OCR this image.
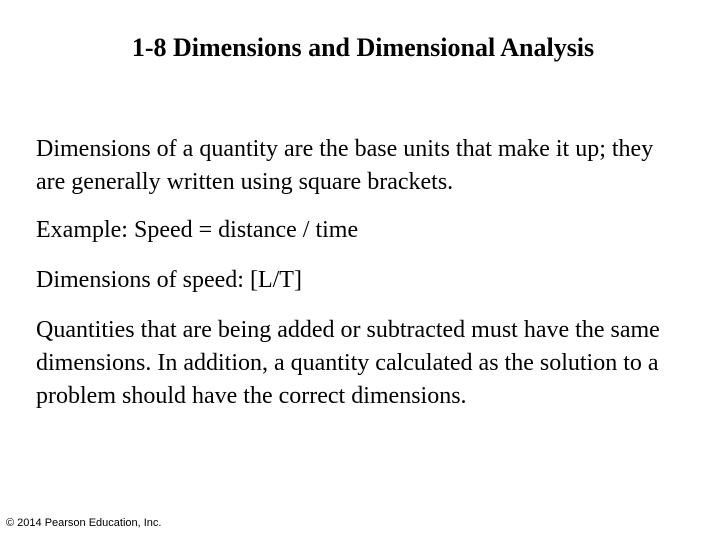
1-8 Dimensions and Dimensional Analysis

Dimensions of a quantity are the base units that make it up; they are generally written using square brackets.

Example: Speed = distance / time

Dimensions of speed: [L/T]

Quantities that are being added or subtracted must have the same dimensions. In addition, a quantity calculated as the solution to a problem should have the correct dimensions.

© 2014 Pearson Education, Inc.
